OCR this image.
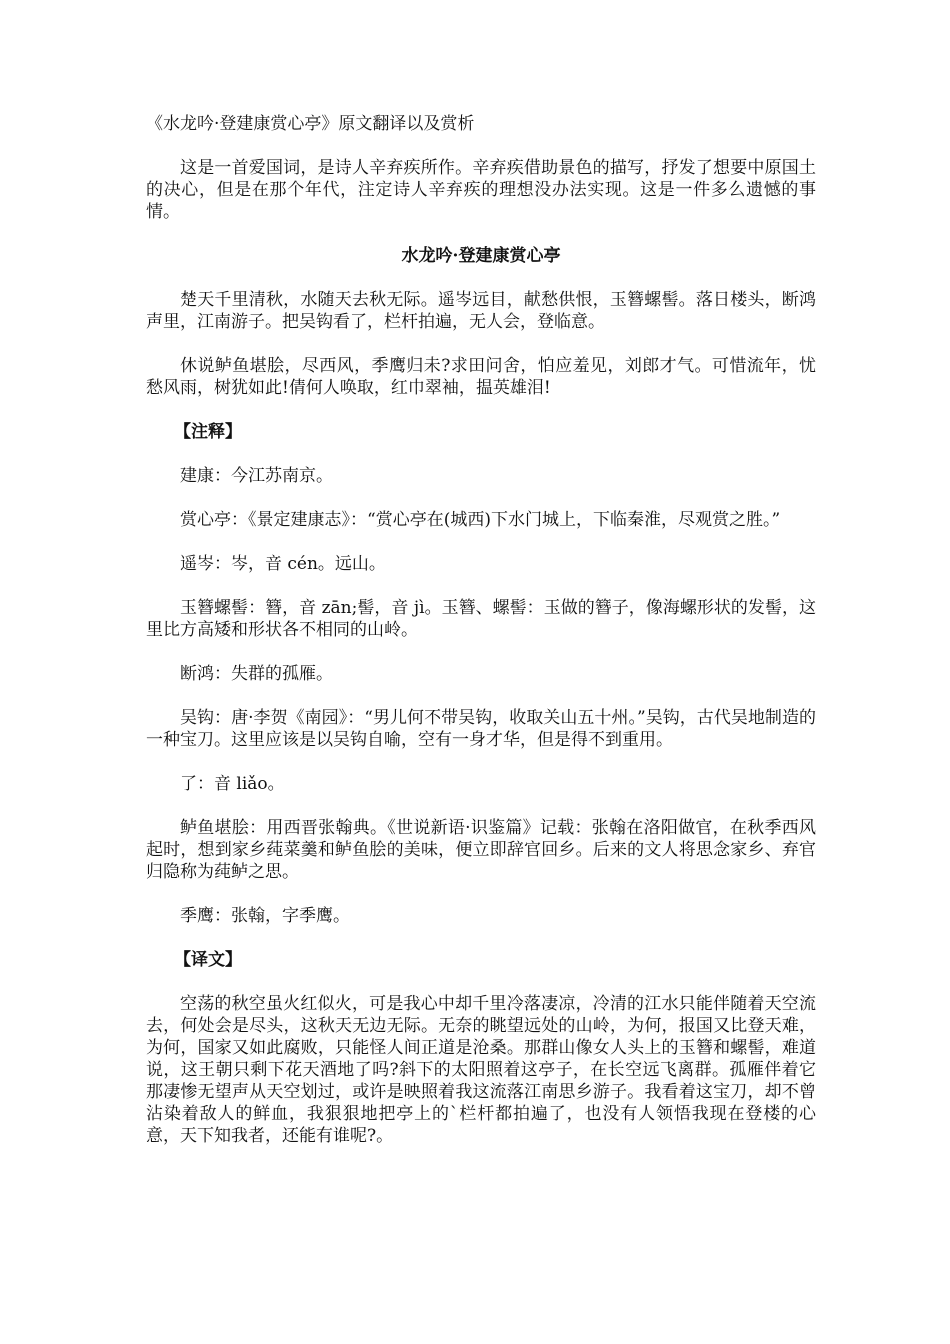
《水龙吟·登建康赏心亭》原文翻译以及赏析

这是一首爱国词，是诗人辛弃疾所作。辛弃疾借助景色的描写，抒发了想要中原国土的决心，但是在那个年代，注定诗人辛弃疾的理想没办法实现。这是一件多么遗憾的事情。

水龙吟·登建康赏心亭

楚天千里清秋，水随天去秋无际。遥岑远目，献愁供恨，玉簪螺髻。落日楼头，断鸿声里，江南游子。把吴钩看了，栏杆拍遍，无人会，登临意。

休说鲈鱼堪脍，尽西风，季鹰归未?求田问舍，怕应羞见，刘郎才气。可惜流年，忧愁风雨，树犹如此!倩何人唤取，红巾翠袖，揾英雄泪!

【注释】

建康：今江苏南京。

赏心亭：《景定建康志》：“赏心亭在(城西)下水门城上，下临秦淮，尽观赏之胜。”

遥岑：岑，音 cén。远山。

玉簪螺髻：簪，音 zān;髻，音 jì。玉簪、螺髻：玉做的簪子，像海螺形状的发髻，这里比方高矮和形状各不相同的山岭。

断鸿：失群的孤雁。

吴钩：唐·李贺《南园》：“男儿何不带吴钩，收取关山五十州。”吴钩，古代吴地制造的一种宝刀。这里应该是以吴钩自喻，空有一身才华，但是得不到重用。

了：音 liǎo。

鲈鱼堪脍：用西晋张翰典。《世说新语·识鉴篇》记载：张翰在洛阳做官，在秋季西风起时，想到家乡莼菜羹和鲈鱼脍的美味，便立即辞官回乡。后来的文人将思念家乡、弃官归隐称为莼鲈之思。

季鹰：张翰，字季鹰。

【译文】

空荡的秋空虽火红似火，可是我心中却千里冷落凄凉，冷清的江水只能伴随着天空流去，何处会是尽头，这秋天无边无际。无奈的眺望远处的山岭，为何，报国又比登天难，为何，国家又如此腐败，只能怪人间正道是沧桑。那群山像女人头上的玉簪和螺髻，难道说，这王朝只剩下花天酒地了吗?斜下的太阳照着这亭子，在长空远飞离群。孤雁伴着它那凄惨无望声从天空划过，或许是映照着我这流落江南思乡游子。我看着这宝刀，却不曾沾染着敌人的鲜血，我狠狠地把亭上的`栏杆都拍遍了，也没有人领悟我现在登楼的心意，天下知我者，还能有谁呢?。
